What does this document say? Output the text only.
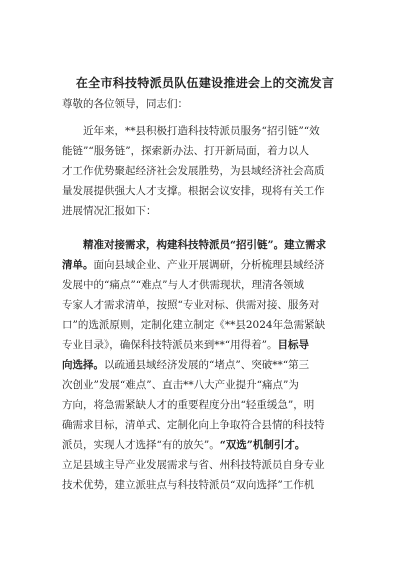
在全市科技特派员队伍建设推进会上的交流发言
尊敬的各位领导，同志们：
　　近年来，**县积极打造科技特派员服务“招引链”“效
能链”“服务链”，探索新办法、打开新局面，着力以人
才工作优势聚起经济社会发展胜势，为县域经济社会高质
量发展提供强大人才支撑。根据会议安排，现将有关工作
进展情况汇报如下：
　　精准对接需求，构建科技特派员“招引链”。建立需求
清单。面向县域企业、产业开展调研，分析梳理县域经济
发展中的“痛点”“难点”与人才供需现状，理清各领域
专家人才需求清单，按照“专业对标、供需对接、服务对
口”的选派原则，定制化建立制定《**县2024年急需紧缺
专业目录》，确保科技特派员来到**“用得着”。目标导
向选择。以疏通县域经济发展的“堵点”、突破**“第三
次创业”发展“难点”、直击**八大产业提升“痛点”为
方向，将急需紧缺人才的重要程度分出“轻重缓急”，明
确需求目标，清单式、定制化向上争取符合县情的科技特
派员，实现人才选择“有的放矢”。“双选”机制引才。
立足县域主导产业发展需求与省、州科技特派员自身专业
技术优势，建立派驻点与科技特派员“双向选择”工作机
